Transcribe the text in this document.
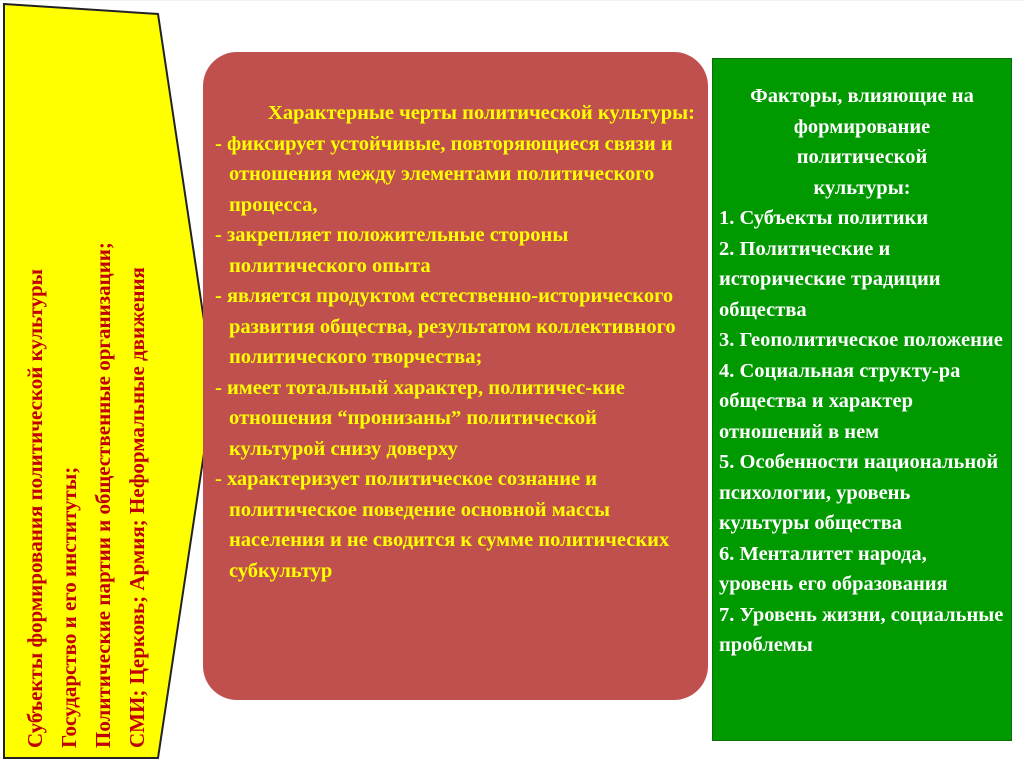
Субъекты формирования политической культуры Государство и его институты; Политические партии и общественные организации; СМИ; Церковь; Армия; Неформальные движения
Характерные черты политической культуры:
- фиксирует устойчивые, повторяющиеся связи и отношения между элементами политического процесса,
- закрепляет положительные стороны политического опыта
- является продуктом естественно-исторического развития общества, результатом коллективного политического творчества;
- имеет тотальный характер, политичес-кие отношения “пронизаны” политической культурой снизу доверху
- характеризует политическое сознание и политическое поведение основной массы населения и не сводится к сумме политических субкультур
Факторы, влияющие на формирование политической культуры:
1. Субъекты политики
2. Политические и исторические традиции общества
3. Геополитическое положение
4. Социальная структу-ра общества и характер отношений в нем
5. Особенности национальной психологии, уровень культуры общества
6. Менталитет народа, уровень его образования
7. Уровень жизни, социальные проблемы
